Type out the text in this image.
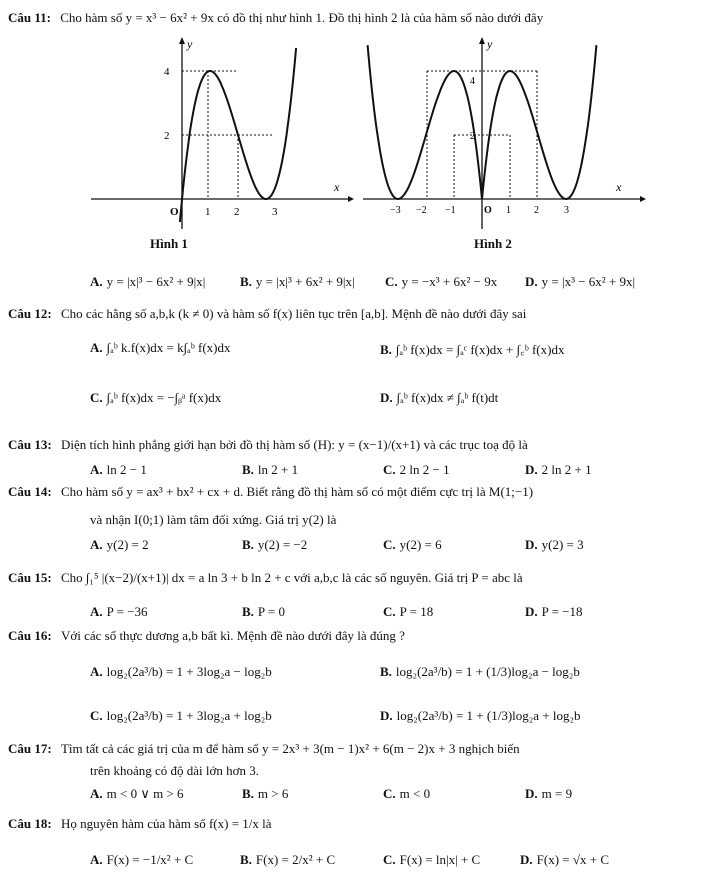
Câu 11: Cho hàm số y = x³ − 6x² + 9x có đồ thị như hình 1. Đồ thị hình 2 là của hàm số nào dưới đây
x
y
4
2
O 1 2	3
Hình 1
x
y
4
2
−3 −2 −1	O 1 2	3
Hình 2
A. y = |x|³ − 6x² + 9|x|	B. y = |x|³ + 6x² + 9|x| C. y = −x³ + 6x² − 9x D. y = |x³ − 6x² + 9x|
Câu 12: Cho các hằng số a,b,k (k ≠ 0) và hàm số f(x) liên tục trên [a,b]. Mệnh đề nào dưới đây sai
A. ∫ₐᵇ k.f(x)dx = k∫ₐᵇ f(x)dx	B. ∫ₐᵇ f(x)dx = ∫ₐᶜ f(x)dx + ∫꜀ᵇ f(x)dx
C. ∫ₐᵇ f(x)dx = −∫ᵦᵃ f(x)dx	D. ∫ₐᵇ f(x)dx ≠ ∫ₐᵇ f(t)dt
Câu 13: Diện tích hình phẳng giới hạn bởi đồ thị hàm số (H): y = (x−1)/(x+1) và các trục toạ độ là
A. ln 2 − 1	B. ln 2 + 1	C. 2 ln 2 − 1	D. 2 ln 2 + 1
Câu 14: Cho hàm số y = ax³ + bx² + cx + d. Biết rằng đồ thị hàm số có một điểm cực trị là M(1;−1)
và nhận I(0;1) làm tâm đối xứng. Giá trị y(2) là
A. y(2) = 2	B. y(2) = −2	C. y(2) = 6	D. y(2) = 3
Câu 15: Cho ∫₁⁵ |(x−2)/(x+1)| dx = a ln 3 + b ln 2 + c với a,b,c là các số nguyên. Giá trị P = abc là
A. P = −36	B. P = 0	C. P = 18	D. P = −18
Câu 16: Với các số thực dương a,b bất kì. Mệnh đề nào dưới đây là đúng ?
A. log₂(2a³/b) = 1 + 3log₂a − log₂b	B. log₂(2a³/b) = 1 + (1/3)log₂a − log₂b
C. log₂(2a³/b) = 1 + 3log₂a + log₂b	D. log₂(2a³/b) = 1 + (1/3)log₂a + log₂b
Câu 17: Tìm tất cả các giá trị của m để hàm số y = 2x³ + 3(m − 1)x² + 6(m − 2)x + 3 nghịch biến
trên khoảng có độ dài lớn hơn 3.
A. m < 0 ∨ m > 6	B. m > 6	C. m < 0	D. m = 9
Câu 18: Họ nguyên hàm của hàm số f(x) = 1/x là
A. F(x) = −1/x² + C	B. F(x) = 2/x² + C	C. F(x) = ln|x| + C	D. F(x) = √x + C
